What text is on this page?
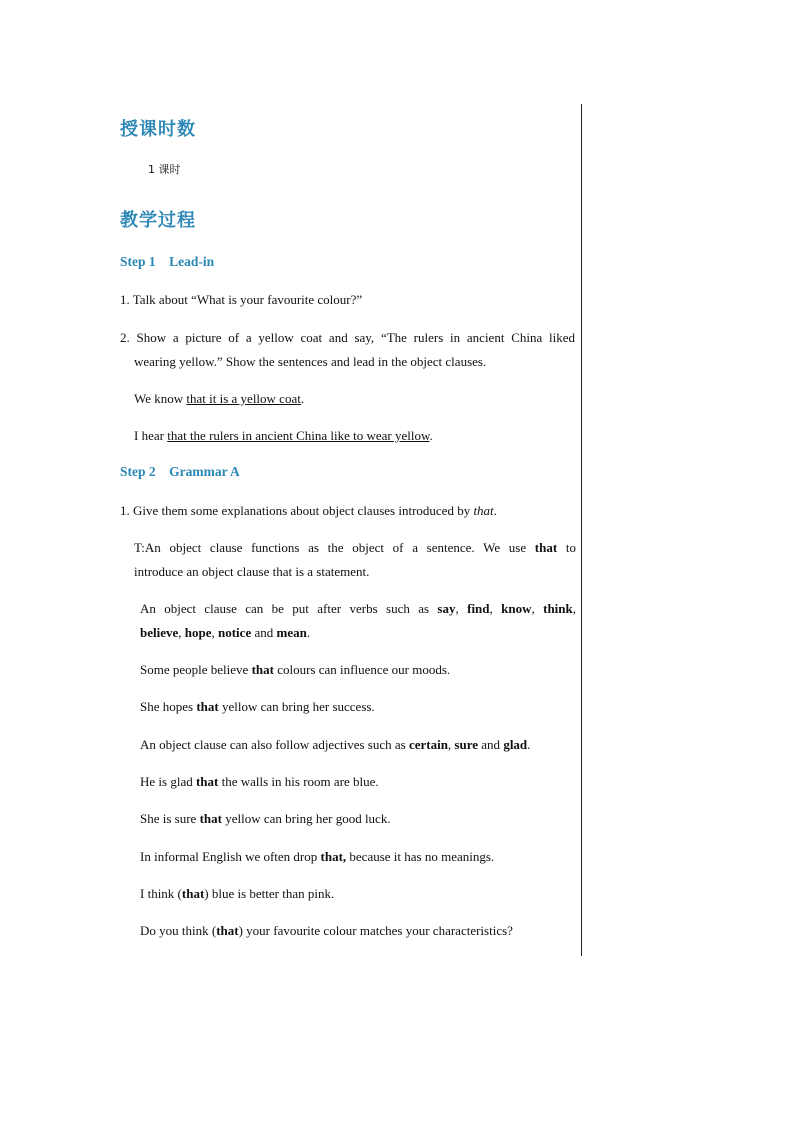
授课时数
1 课时
教学过程
Step 1    Lead-in
1. Talk about “What is your favourite colour?”
2. Show a picture of a yellow coat and say, “The rulers in ancient China liked
wearing yellow.” Show the sentences and lead in the object clauses.
We know that it is a yellow coat.
I hear that the rulers in ancient China like to wear yellow.
Step 2    Grammar A
1. Give them some explanations about object clauses introduced by that.
T:An object clause functions as the object of a sentence. We use that to
introduce an object clause that is a statement.
An object clause can be put after verbs such as say, find, know, think,
believe, hope, notice and mean.
Some people believe that colours can influence our moods.
She hopes that yellow can bring her success.
An object clause can also follow adjectives such as certain, sure and glad.
He is glad that the walls in his room are blue.
She is sure that yellow can bring her good luck.
In informal English we often drop that, because it has no meanings.
I think (that) blue is better than pink.
Do you think (that) your favourite colour matches your characteristics?
